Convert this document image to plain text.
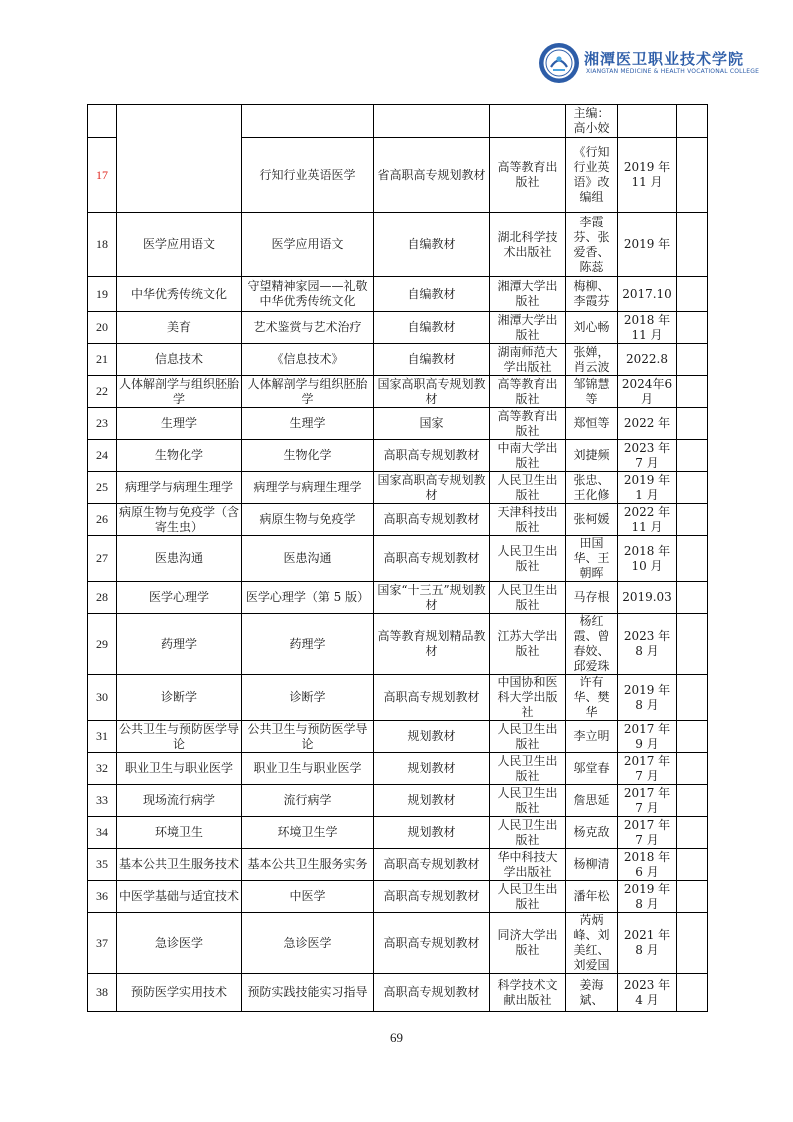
湘潭医卫职业技术学院
XIANGTAN MEDICINE & HEALTH VOCATIONAL COLLEGE
					主编：高小姣		
17		行知行业英语医学	省高职高专规划教材	高等教育出版社	《行知行业英语》改编组	2019 年 11 月	
18	医学应用语文	医学应用语文	自编教材	湖北科学技术出版社	李霞芬、张爱香、陈蕊	2019 年	
19	中华优秀传统文化	守望精神家园——礼敬中华优秀传统文化	自编教材	湘潭大学出版社	梅柳、李霞芬	2017.10	
20	美育	艺术鉴赏与艺术治疗	自编教材	湘潭大学出版社	刘心畅	2018 年 11 月	
21	信息技术	《信息技术》	自编教材	湖南师范大学出版社	张婵，肖云波	2022.8	
22	人体解剖学与组织胚胎学	人体解剖学与组织胚胎学	国家高职高专规划教材	高等教育出版社	邹锦慧等	2024年6月	
23	生理学	生理学	国家	高等教育出版社	郑恒等	2022 年	
24	生物化学	生物化学	高职高专规划教材	中南大学出版社	刘捷频	2023 年 7 月	
25	病理学与病理生理学	病理学与病理生理学	国家高职高专规划教材	人民卫生出版社	张忠、王化修	2019 年 1 月	
26	病原生物与免疫学（含寄生虫）	病原生物与免疫学	高职高专规划教材	天津科技出版社	张柯媛	2022 年 11 月	
27	医患沟通	医患沟通	高职高专规划教材	人民卫生出版社	田国华、王朝晖	2018 年 10 月	
28	医学心理学	医学心理学（第 5 版）	国家“十三五”规划教材	人民卫生出版社	马存根	2019.03	
29	药理学	药理学	高等教育规划精品教材	江苏大学出版社	杨红霞、曾春姣、邱爱珠	2023 年 8 月	
30	诊断学	诊断学	高职高专规划教材	中国协和医科大学出版社	许有华、樊华	2019 年 8 月	
31	公共卫生与预防医学导论	公共卫生与预防医学导论	规划教材	人民卫生出版社	李立明	2017 年 9 月	
32	职业卫生与职业医学	职业卫生与职业医学	规划教材	人民卫生出版社	邬堂春	2017 年 7 月	
33	现场流行病学	流行病学	规划教材	人民卫生出版社	詹思延	2017 年 7 月	
34	环境卫生	环境卫生学	规划教材	人民卫生出版社	杨克敌	2017 年 7 月	
35	基本公共卫生服务技术	基本公共卫生服务实务	高职高专规划教材	华中科技大学出版社	杨柳清	2018 年 6 月	
36	中医学基础与适宜技术	中医学	高职高专规划教材	人民卫生出版社	潘年松	2019 年 8 月	
37	急诊医学	急诊医学	高职高专规划教材	同济大学出版社	芮炳峰、刘美红、刘爱国	2021 年 8 月	
38	预防医学实用技术	预防实践技能实习指导	高职高专规划教材	科学技术文献出版社	姜海斌、	2023 年 4 月	
69
